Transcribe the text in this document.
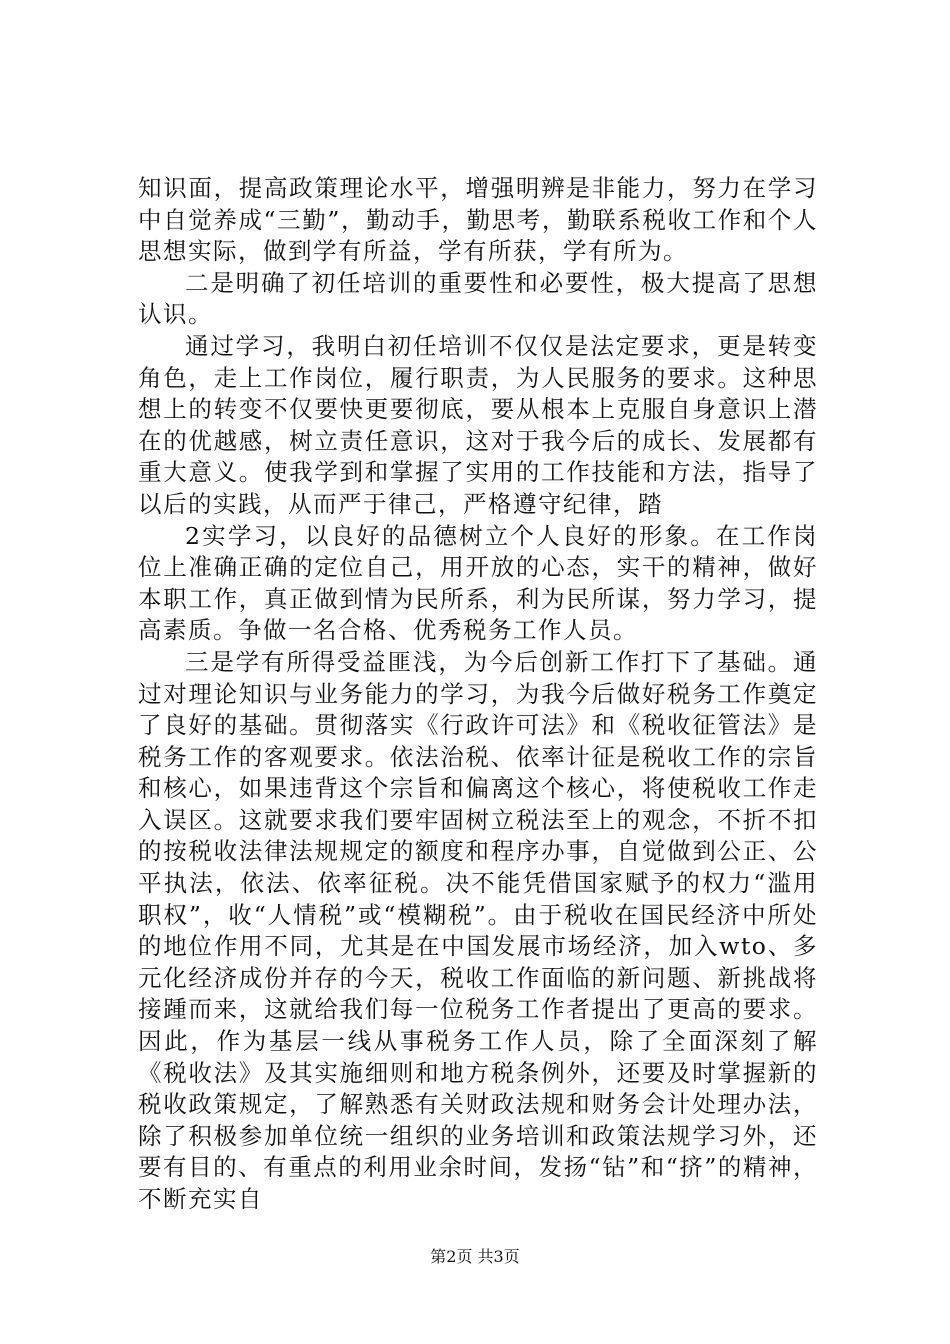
知识面，提高政策理论水平，增强明辨是非能力，努力在学习中自觉养成“三勤”，勤动手，勤思考，勤联系税收工作和个人思想实际，做到学有所益，学有所获，学有所为。

二是明确了初任培训的重要性和必要性，极大提高了思想认识。

通过学习，我明白初任培训不仅仅是法定要求，更是转变角色，走上工作岗位，履行职责，为人民服务的要求。这种思想上的转变不仅要快更要彻底，要从根本上克服自身意识上潜在的优越感，树立责任意识，这对于我今后的成长、发展都有重大意义。使我学到和掌握了实用的工作技能和方法，指导了以后的实践，从而严于律己，严格遵守纪律，踏

2实学习，以良好的品德树立个人良好的形象。在工作岗位上准确正确的定位自己，用开放的心态，实干的精神，做好本职工作，真正做到情为民所系，利为民所谋，努力学习，提高素质。争做一名合格、优秀税务工作人员。

三是学有所得受益匪浅，为今后创新工作打下了基础。通过对理论知识与业务能力的学习，为我今后做好税务工作奠定了良好的基础。贯彻落实《行政许可法》和《税收征管法》是税务工作的客观要求。依法治税、依率计征是税收工作的宗旨和核心，如果违背这个宗旨和偏离这个核心，将使税收工作走入误区。这就要求我们要牢固树立税法至上的观念，不折不扣的按税收法律法规规定的额度和程序办事，自觉做到公正、公平执法，依法、依率征税。决不能凭借国家赋予的权力“滥用职权”，收“人情税”或“模糊税”。由于税收在国民经济中所处的地位作用不同，尤其是在中国发展市场经济，加入wto、多元化经济成份并存的今天，税收工作面临的新问题、新挑战将接踵而来，这就给我们每一位税务工作者提出了更高的要求。因此，作为基层一线从事税务工作人员，除了全面深刻了解《税收法》及其实施细则和地方税条例外，还要及时掌握新的税收政策规定，了解熟悉有关财政法规和财务会计处理办法，除了积极参加单位统一组织的业务培训和政策法规学习外，还要有目的、有重点的利用业余时间，发扬“钻”和“挤”的精神，不断充实自

第2页 共3页
